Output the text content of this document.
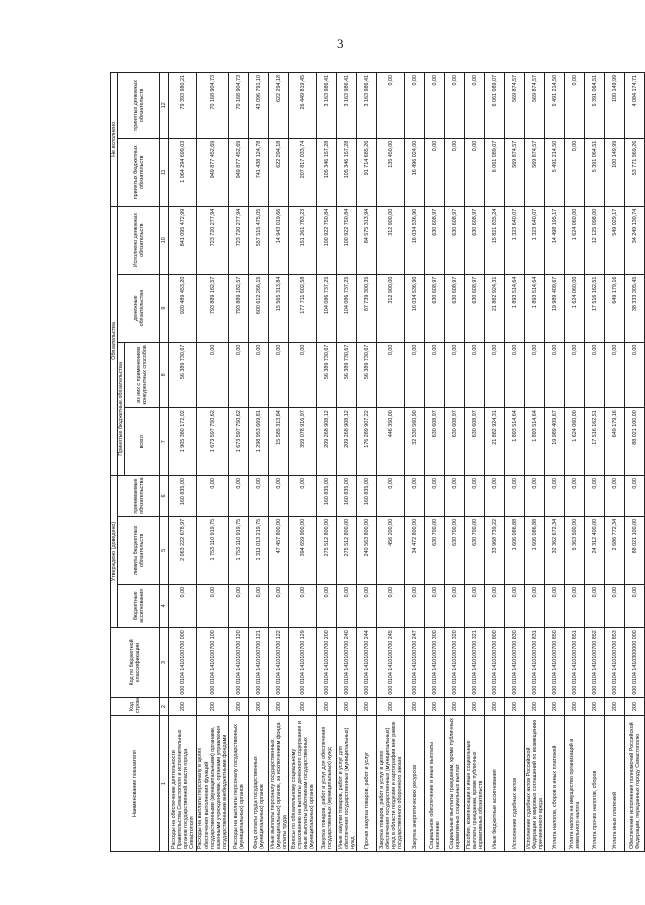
3
Наименование показателя	Код строки	Код по бюджетной классификации	Утверждено (доведено)			Обязательства				Не исполнено	
			бюджетные ассигнования	лимиты бюджетных обязательств	принимаемые обязательства	Принятые бюджетные обязательства		денежные обязательства	Исполнено денежных обязательств	принятых бюджетных обязательств	принятых денежных обязательств
						всего	из них с применением конкурентных способов				

1	2	3	4	5	6	7	8	9	10	11	12
Расходы на обеспечение деятельности Правительства Севастополя и исполнительных органов государственной власти города Севастополя	200	000 0104 1410100700 000	0,00	2 063 222 678,97	160 835,00	1 905 380 172,02	56 389 730,67	920 489 453,20	841 095 472,99	1 064 294 699,03	79 393 980,21
Расходы на выплаты персоналу в целях обеспечения выполнения функций государственными (муниципальными) органами, казенными учреждениями, органами управления государственными внебюджетными фондами	200	000 0104 1410100700 100	0,00	1 753 110 919,75	0,00	1 673 597 750,62	0,00	793 889 182,57	723 720 277,94	949 877 452,69	70 168 904,73
Расходы на выплаты персоналу государственных (муниципальных) органов	200	000 0104 1410100700 120	0,00	1 753 110 919,75	0,00	1 673 597 750,62	0,00	793 889 182,57	723 720 277,94	949 877 452,69	70 168 904,73
Фонд оплаты труда государственных (муниципальных) органов	200	000 0104 1410100700 121	0,00	1 311 013 219,75	0,00	1 298 953 669,81	0,00	600 612 266,15	557 515 475,05	741 438 124,78	43 096 791,10
Иные выплаты персоналу государственных (муниципальных) органов, за исключением фонда оплаты труда	200	000 0104 1410100700 122	0,00	47 457 800,00	0,00	15 585 313,84	0,00	15 565 313,84	14 943 019,66	622 294,18	622 294,18
Взносы по обязательному социальному страхованию на выплаты денежного содержания и иные выплаты работникам государственных (муниципальных) органов	200	000 0104 1410100700 129	0,00	394 659 900,00	0,00	359 078 916,97	0,00	177 711 602,58	151 261 783,23	207 817 033,74	26 449 819,45
Закупка товаров, работ и услуг для обеспечения государственных (муниципальных) нужд	200	000 0104 1410100700 200	0,00	275 512 800,00	160 835,00	209 268 908,12	56 389 730,67	104 086 737,25	100 922 750,84	105 346 157,28	3 163 986,41
Иные закупки товаров, работ и услуг для обеспечения государственных (муниципальных) нужд	200	000 0104 1410100700 240	0,00	275 512 800,00	160 835,00	209 268 908,12	56 389 730,67	104 086 737,25	100 922 750,84	105 346 157,28	3 163 986,41
Прочая закупка товаров, работ и услуг	200	000 0104 1410100700 244	0,00	240 563 800,00	160 835,00	176 289 907,22	56 389 730,67	87 739 300,35	84 575 313,94	91 714 685,26	3 163 986,41
Закупка товаров, работ и услуг в целях обеспечения государственных (муниципальных) нужд в области геодезии и картографии вне рамок государственного оборонного заказа	200	000 0104 1410100700 245	0,00	456 200,00	0,00	446 350,00	0,00	312 900,00	312 900,00	135 450,00	0,00
Закупка энергетических ресурсов	200	000 0104 1410100700 247	0,00	34 472 800,00	0,00	32 530 560,90	0,00	16 034 536,90	16 034 536,90	16 496 024,00	0,00
Социальное обеспечение и иные выплаты населению	200	000 0104 1410100700 300	0,00	630 700,00	0,00	630 608,97	0,00	630 608,97	630 608,97	0,00	0,00
Социальные выплаты гражданам, кроме публичных нормативных социальных выплат	200	000 0104 1410100700 320	0,00	630 700,00	0,00	630 608,97	0,00	630 608,97	630 608,97	0,00	0,00
Пособия, компенсации и иные социальные выплаты гражданам, кроме публичных нормативных обязательств	200	000 0104 1410100700 321	0,00	630 700,00	0,00	630 608,97	0,00	630 608,97	630 608,97	0,00	0,00
Иные бюджетные ассигнования	200	000 0104 1410100700 800	0,00	33 968 739,22	0,00	21 882 924,31	0,00	21 882 924,31	15 821 835,24	6 061 089,07	6 061 089,07
Исполнение судебных актов	200	000 0104 1410100700 830	0,00	1 606 086,88	0,00	1 893 514,64	0,00	1 893 514,64	1 323 640,07	569 874,57	569 874,57
Исполнение судебных актов Российской Федерации и мировых соглашений по возмещению причиненного вреда	200	000 0104 1410100700 831	0,00	1 606 086,88	0,00	1 893 514,64	0,00	1 893 514,64	1 323 640,07	569 874,57	569 874,57
Уплата налогов, сборов и иных платежей	200	000 0104 1410100700 850	0,00	32 362 672,34	0,00	19 989 409,67	0,00	19 989 409,67	14 498 195,17	5 491 214,50	5 491 214,50
Уплата налога на имущество организаций и земельного налога	200	000 0104 1410100700 851	0,00	5 363 500,00	0,00	1 624 060,00	0,00	1 624 060,00	1 624 060,00	0,00	0,00
Уплата прочих налогов, сборов	200	000 0104 1410100700 852	0,00	24 312 400,00	0,00	17 516 162,51	0,00	17 516 162,51	12 125 098,00	5 391 064,51	5 391 064,51
Уплата иных платежей	200	000 0104 1410100700 853	0,00	2 686 772,34	0,00	649 179,16	0,00	649 179,16	549 029,17	100 149,99	100 149,99
Обеспечение исполнения полномочий Российской Федерации, переданных городу Севастополю	200	000 0104 1410300000 000	0,00	88 021 100,00	0,00	88 021 100,00	0,00	38 333 305,45	34 249 130,74	53 771 969,26	4 084 174,71
